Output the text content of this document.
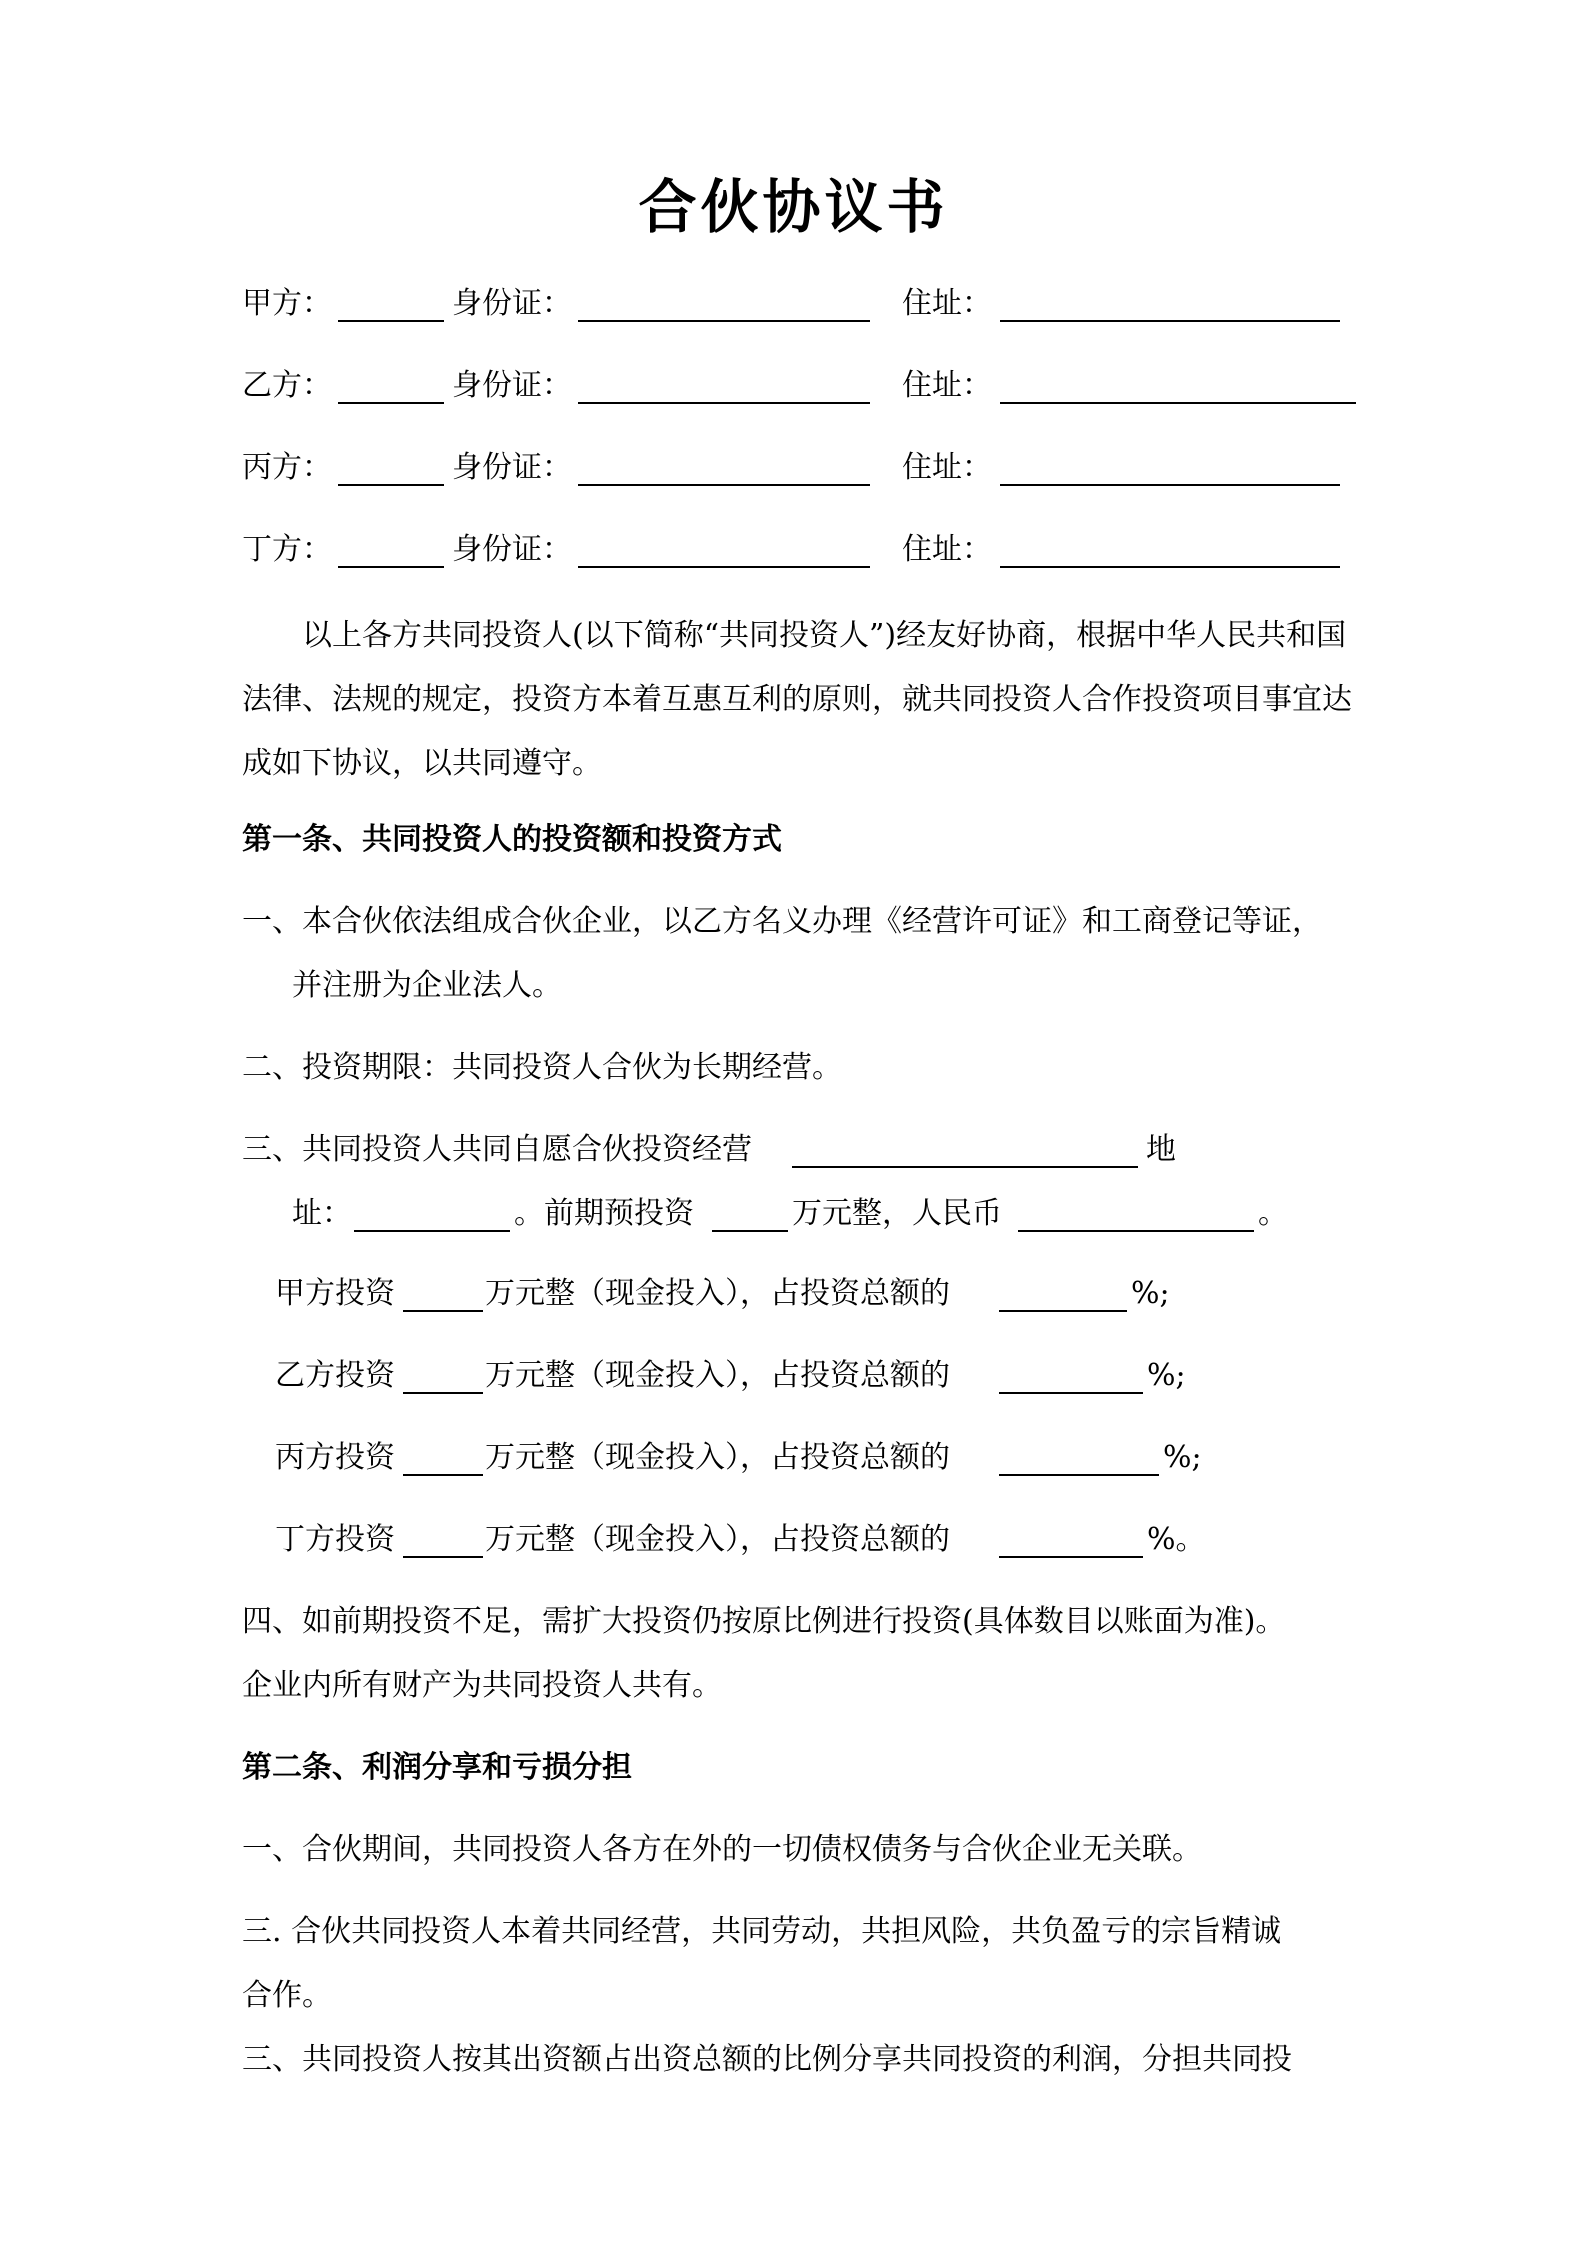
合伙协议书
甲方：	身份证：	住址：
乙方：	身份证：	住址：
丙方：	身份证：	住址：
丁方：	身份证：	住址：
以上各方共同投资人(以下简称“共同投资人”)经友好协商，根据中华人民共和国法律、法规的规定，投资方本着互惠互利的原则，就共同投资人合作投资项目事宜达成如下协议，以共同遵守。
第一条、共同投资人的投资额和投资方式
一、本合伙依法组成合伙企业，以乙方名义办理《经营许可证》和工商登记等证，
并注册为企业法人。
二、投资期限：共同投资人合伙为长期经营。
三、共同投资人共同自愿合伙投资经营	地
址：	。前期预投资	万元整，人民币	。
甲方投资	万元整（现金投入），占投资总额的	%;
乙方投资	万元整（现金投入），占投资总额的	%;
丙方投资	万元整（现金投入），占投资总额的	%;
丁方投资	万元整（现金投入），占投资总额的	%。
四、如前期投资不足，需扩大投资仍按原比例进行投资(具体数目以账面为准)。
企业内所有财产为共同投资人共有。
第二条、利润分享和亏损分担
一、合伙期间，共同投资人各方在外的一切债权债务与合伙企业无关联。
三. 合伙共同投资人本着共同经营，共同劳动，共担风险，共负盈亏的宗旨精诚
合作。
三、共同投资人按其出资额占出资总额的比例分享共同投资的利润，分担共同投
